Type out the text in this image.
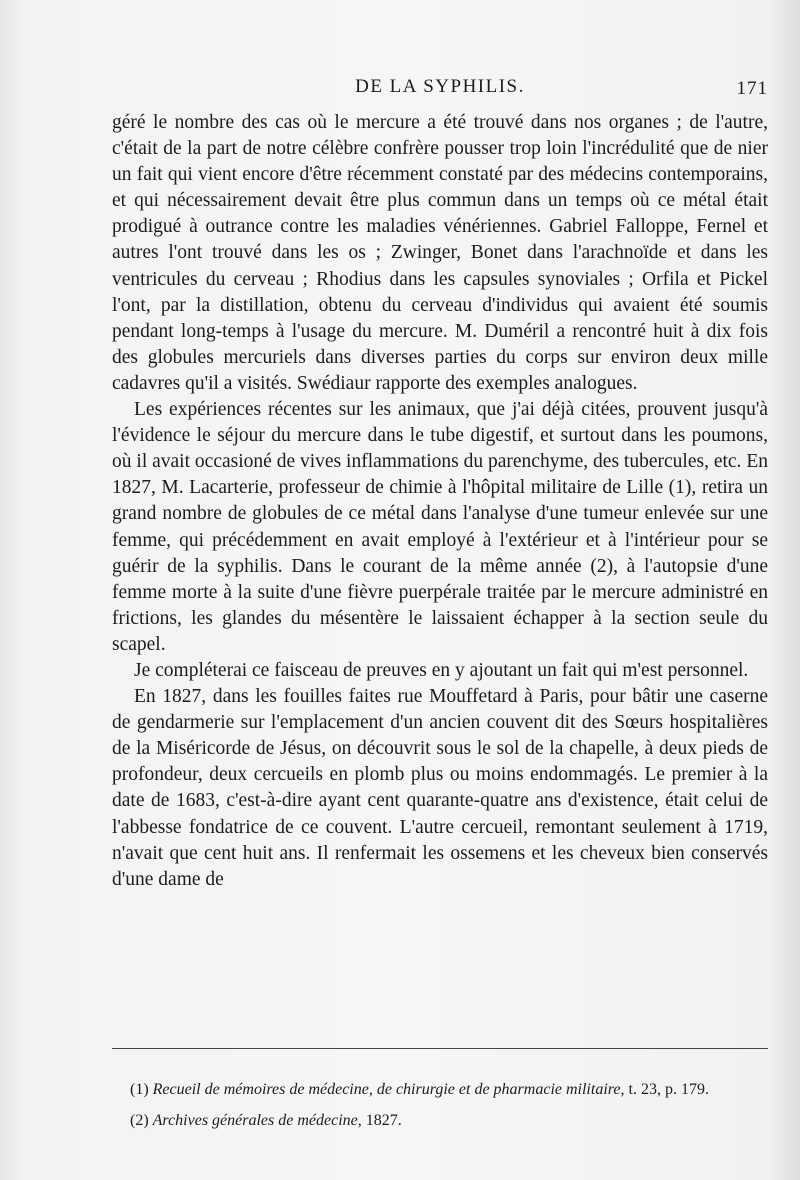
DE LA SYPHILIS.	171

géré le nombre des cas où le mercure a été trouvé dans nos organes ; de l'autre, c'était de la part de notre célèbre confrère pousser trop loin l'incrédulité que de nier un fait qui vient encore d'être récemment constaté par des médecins contemporains, et qui nécessairement devait être plus commun dans un temps où ce métal était prodigué à outrance contre les maladies vénériennes. Gabriel Falloppe, Fernel et autres l'ont trouvé dans les os ; Zwinger, Bonet dans l'arachnoïde et dans les ventricules du cerveau ; Rhodius dans les capsules synoviales ; Orfila et Pickel l'ont, par la distillation, obtenu du cerveau d'individus qui avaient été soumis pendant long-temps à l'usage du mercure. M. Duméril a rencontré huit à dix fois des globules mercuriels dans diverses parties du corps sur environ deux mille cadavres qu'il a visités. Swédiaur rapporte des exemples analogues.

Les expériences récentes sur les animaux, que j'ai déjà citées, prouvent jusqu'à l'évidence le séjour du mercure dans le tube digestif, et surtout dans les poumons, où il avait occasioné de vives inflammations du parenchyme, des tubercules, etc. En 1827, M. Lacarterie, professeur de chimie à l'hôpital militaire de Lille (1), retira un grand nombre de globules de ce métal dans l'analyse d'une tumeur enlevée sur une femme, qui précédemment en avait employé à l'extérieur et à l'intérieur pour se guérir de la syphilis. Dans le courant de la même année (2), à l'autopsie d'une femme morte à la suite d'une fièvre puerpérale traitée par le mercure administré en frictions, les glandes du mésentère le laissaient échapper à la section seule du scapel.

Je compléterai ce faisceau de preuves en y ajoutant un fait qui m'est personnel.

En 1827, dans les fouilles faites rue Mouffetard à Paris, pour bâtir une caserne de gendarmerie sur l'emplacement d'un ancien couvent dit des Sœurs hospitalières de la Miséricorde de Jésus, on découvrit sous le sol de la chapelle, à deux pieds de profondeur, deux cercueils en plomb plus ou moins endommagés. Le premier à la date de 1683, c'est-à-dire ayant cent quarante-quatre ans d'existence, était celui de l'abbesse fondatrice de ce couvent. L'autre cercueil, remontant seulement à 1719, n'avait que cent huit ans. Il renfermait les ossemens et les cheveux bien conservés d'une dame de

(1) Recueil de mémoires de médecine, de chirurgie et de pharmacie militaire, t. 23, p. 179.

(2) Archives générales de médecine, 1827.
